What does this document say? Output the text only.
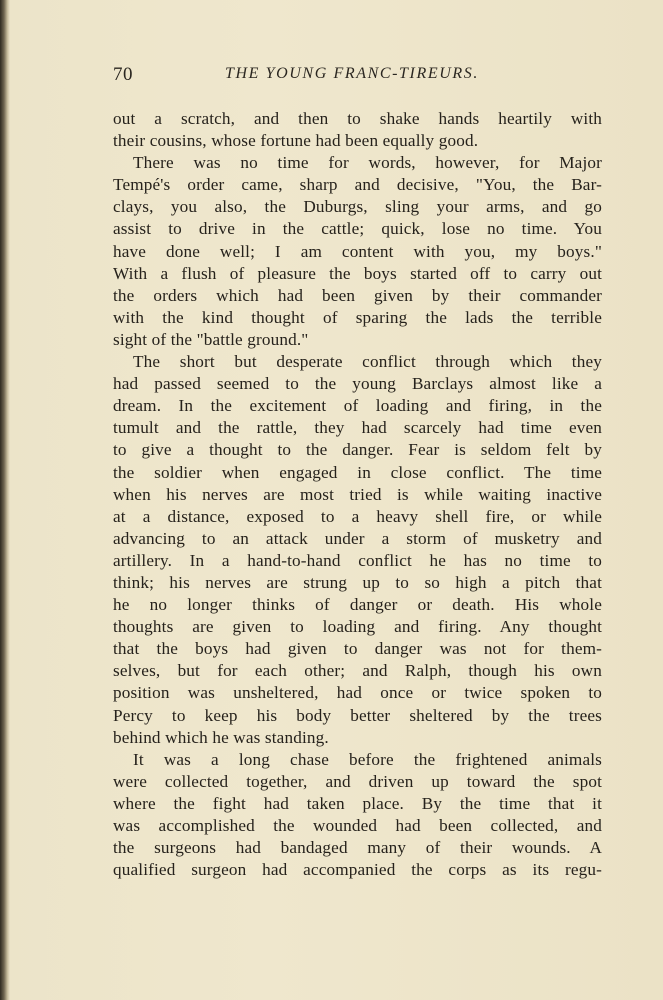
70	THE YOUNG FRANC-TIREURS.
out a scratch, and then to shake hands heartily with
their cousins, whose fortune had been equally good.
There was no time for words, however, for Major
Tempé's order came, sharp and decisive, "You, the Bar-
clays, you also, the Duburgs, sling your arms, and go
assist to drive in the cattle; quick, lose no time. You
have done well; I am content with you, my boys."
With a flush of pleasure the boys started off to carry out
the orders which had been given by their commander
with the kind thought of sparing the lads the terrible
sight of the "battle ground."
The short but desperate conflict through which they
had passed seemed to the young Barclays almost like a
dream. In the excitement of loading and firing, in the
tumult and the rattle, they had scarcely had time even
to give a thought to the danger. Fear is seldom felt by
the soldier when engaged in close conflict. The time
when his nerves are most tried is while waiting inactive
at a distance, exposed to a heavy shell fire, or while
advancing to an attack under a storm of musketry and
artillery. In a hand-to-hand conflict he has no time to
think; his nerves are strung up to so high a pitch that
he no longer thinks of danger or death. His whole
thoughts are given to loading and firing. Any thought
that the boys had given to danger was not for them-
selves, but for each other; and Ralph, though his own
position was unsheltered, had once or twice spoken to
Percy to keep his body better sheltered by the trees
behind which he was standing.
It was a long chase before the frightened animals
were collected together, and driven up toward the spot
where the fight had taken place. By the time that it
was accomplished the wounded had been collected, and
the surgeons had bandaged many of their wounds. A
qualified surgeon had accompanied the corps as its regu-
